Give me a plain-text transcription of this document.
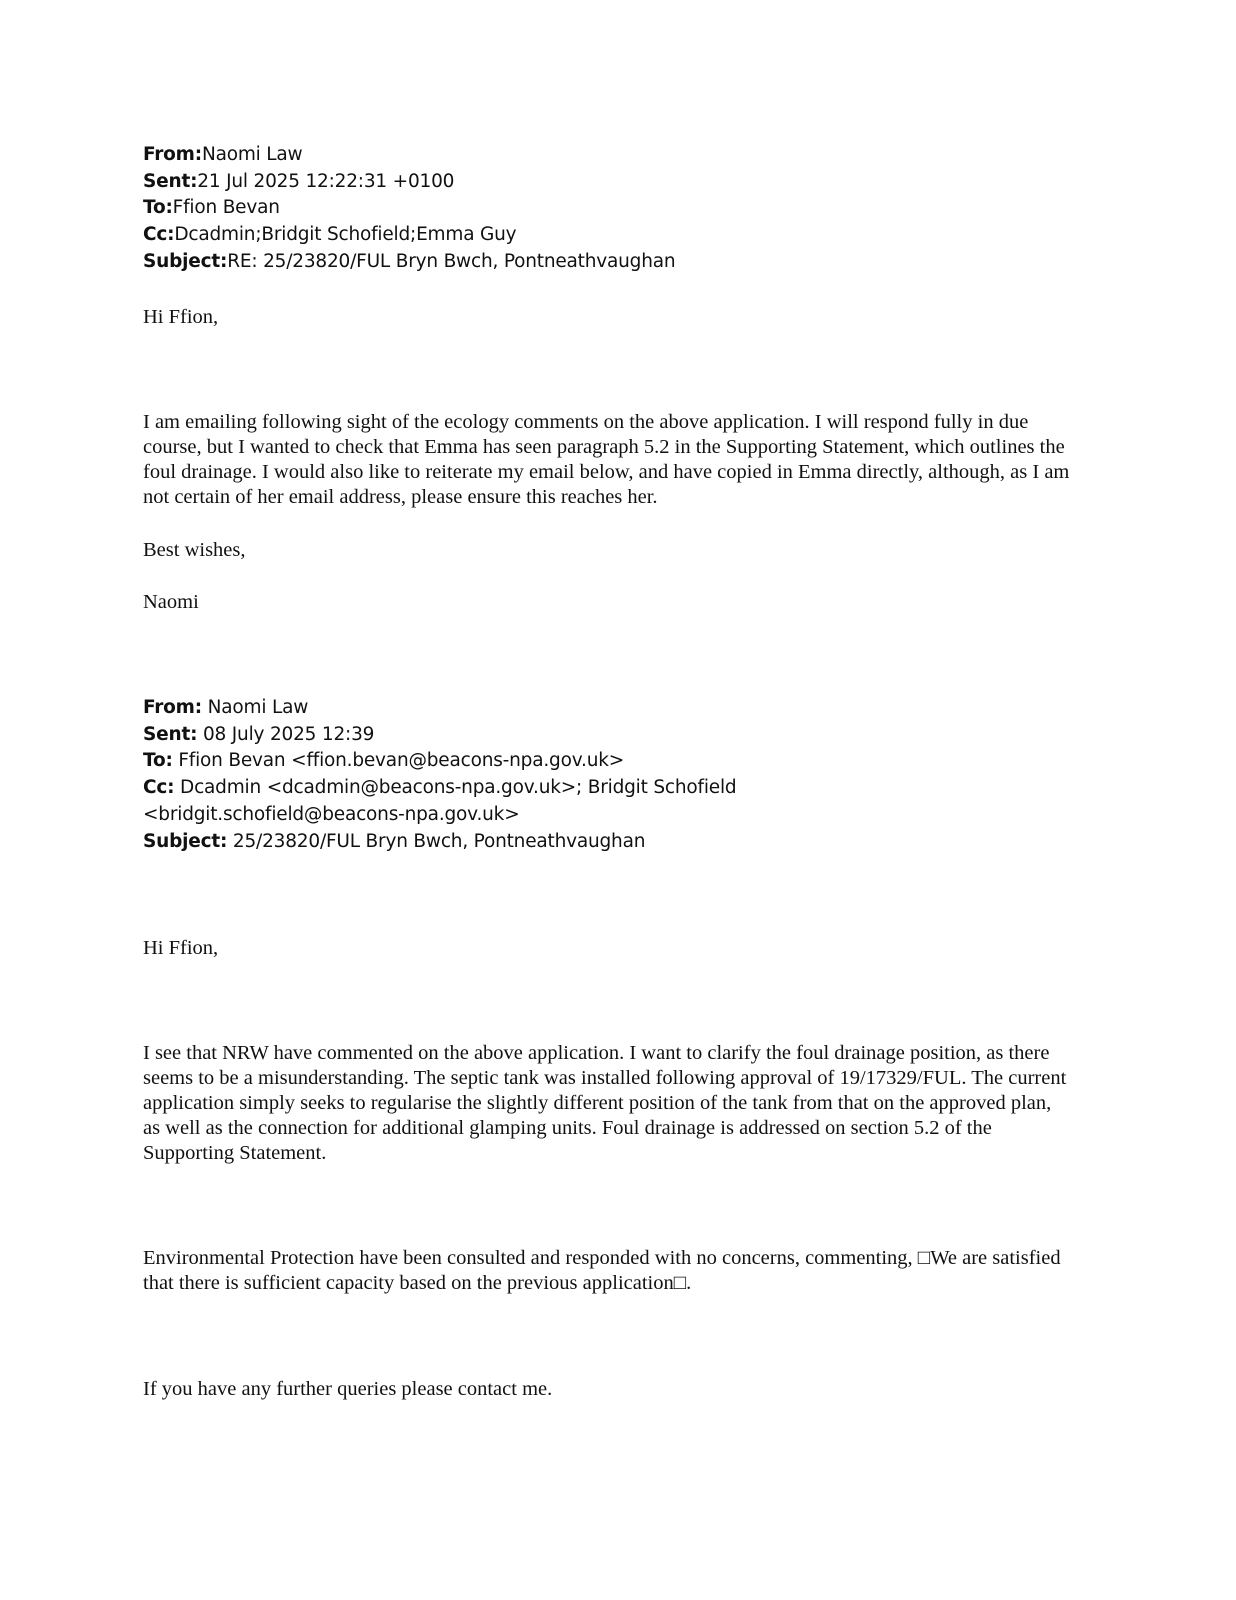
From:Naomi Law
Sent:21 Jul 2025 12:22:31 +0100
To:Ffion Bevan
Cc:Dcadmin;Bridgit Schofield;Emma Guy
Subject:RE: 25/23820/FUL Bryn Bwch, Pontneathvaughan

Hi Ffion,

I am emailing following sight of the ecology comments on the above application. I will respond fully in due course, but I wanted to check that Emma has seen paragraph 5.2 in the Supporting Statement, which outlines the foul drainage. I would also like to reiterate my email below, and have copied in Emma directly, although, as I am not certain of her email address, please ensure this reaches her.

Best wishes,

Naomi

From: Naomi Law
Sent: 08 July 2025 12:39
To: Ffion Bevan <ffion.bevan@beacons-npa.gov.uk>
Cc: Dcadmin <dcadmin@beacons-npa.gov.uk>; Bridgit Schofield <bridgit.schofield@beacons-npa.gov.uk>
Subject: 25/23820/FUL Bryn Bwch, Pontneathvaughan

Hi Ffion,

I see that NRW have commented on the above application. I want to clarify the foul drainage position, as there seems to be a misunderstanding. The septic tank was installed following approval of 19/17329/FUL. The current application simply seeks to regularise the slightly different position of the tank from that on the approved plan, as well as the connection for additional glamping units. Foul drainage is addressed on section 5.2 of the Supporting Statement.

Environmental Protection have been consulted and responded with no concerns, commenting, □We are satisfied that there is sufficient capacity based on the previous application□.

If you have any further queries please contact me.
